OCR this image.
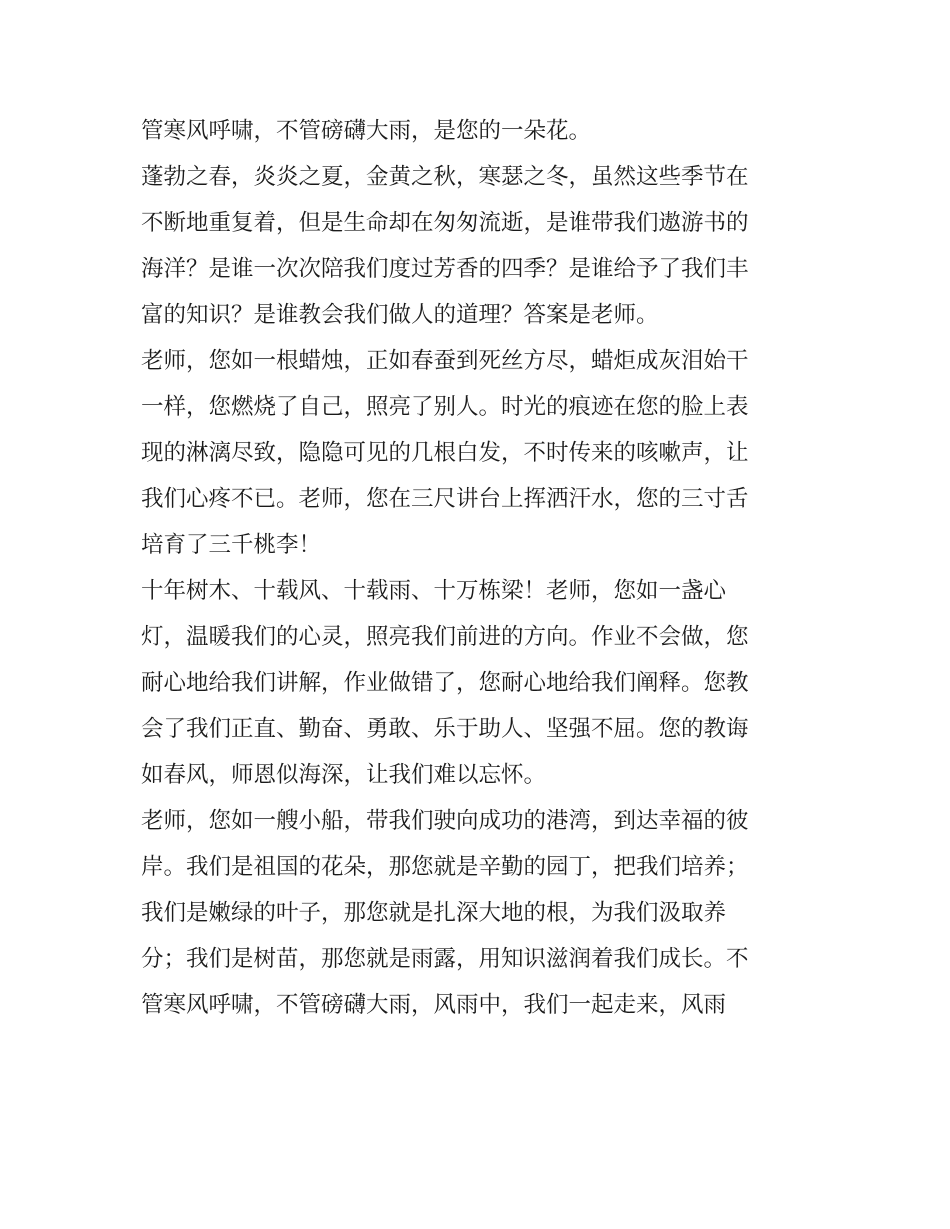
管寒风呼啸，不管磅礴大雨，是您的一朵花。
蓬勃之春，炎炎之夏，金黄之秋，寒瑟之冬，虽然这些季节在
不断地重复着，但是生命却在匆匆流逝，是谁带我们遨游书的
海洋？是谁一次次陪我们度过芳香的四季？是谁给予了我们丰
富的知识？是谁教会我们做人的道理？答案是老师。
老师，您如一根蜡烛，正如春蚕到死丝方尽，蜡炬成灰泪始干
一样，您燃烧了自己，照亮了别人。时光的痕迹在您的脸上表
现的淋漓尽致，隐隐可见的几根白发，不时传来的咳嗽声，让
我们心疼不已。老师，您在三尺讲台上挥洒汗水，您的三寸舌
培育了三千桃李！
十年树木、十载风、十载雨、十万栋梁！老师，您如一盏心
灯，温暖我们的心灵，照亮我们前进的方向。作业不会做，您
耐心地给我们讲解，作业做错了，您耐心地给我们阐释。您教
会了我们正直、勤奋、勇敢、乐于助人、坚强不屈。您的教诲
如春风，师恩似海深，让我们难以忘怀。
老师，您如一艘小船，带我们驶向成功的港湾，到达幸福的彼
岸。我们是祖国的花朵，那您就是辛勤的园丁，把我们培养；
我们是嫩绿的叶子，那您就是扎深大地的根，为我们汲取养
分；我们是树苗，那您就是雨露，用知识滋润着我们成长。不
管寒风呼啸，不管磅礴大雨，风雨中，我们一起走来，风雨
